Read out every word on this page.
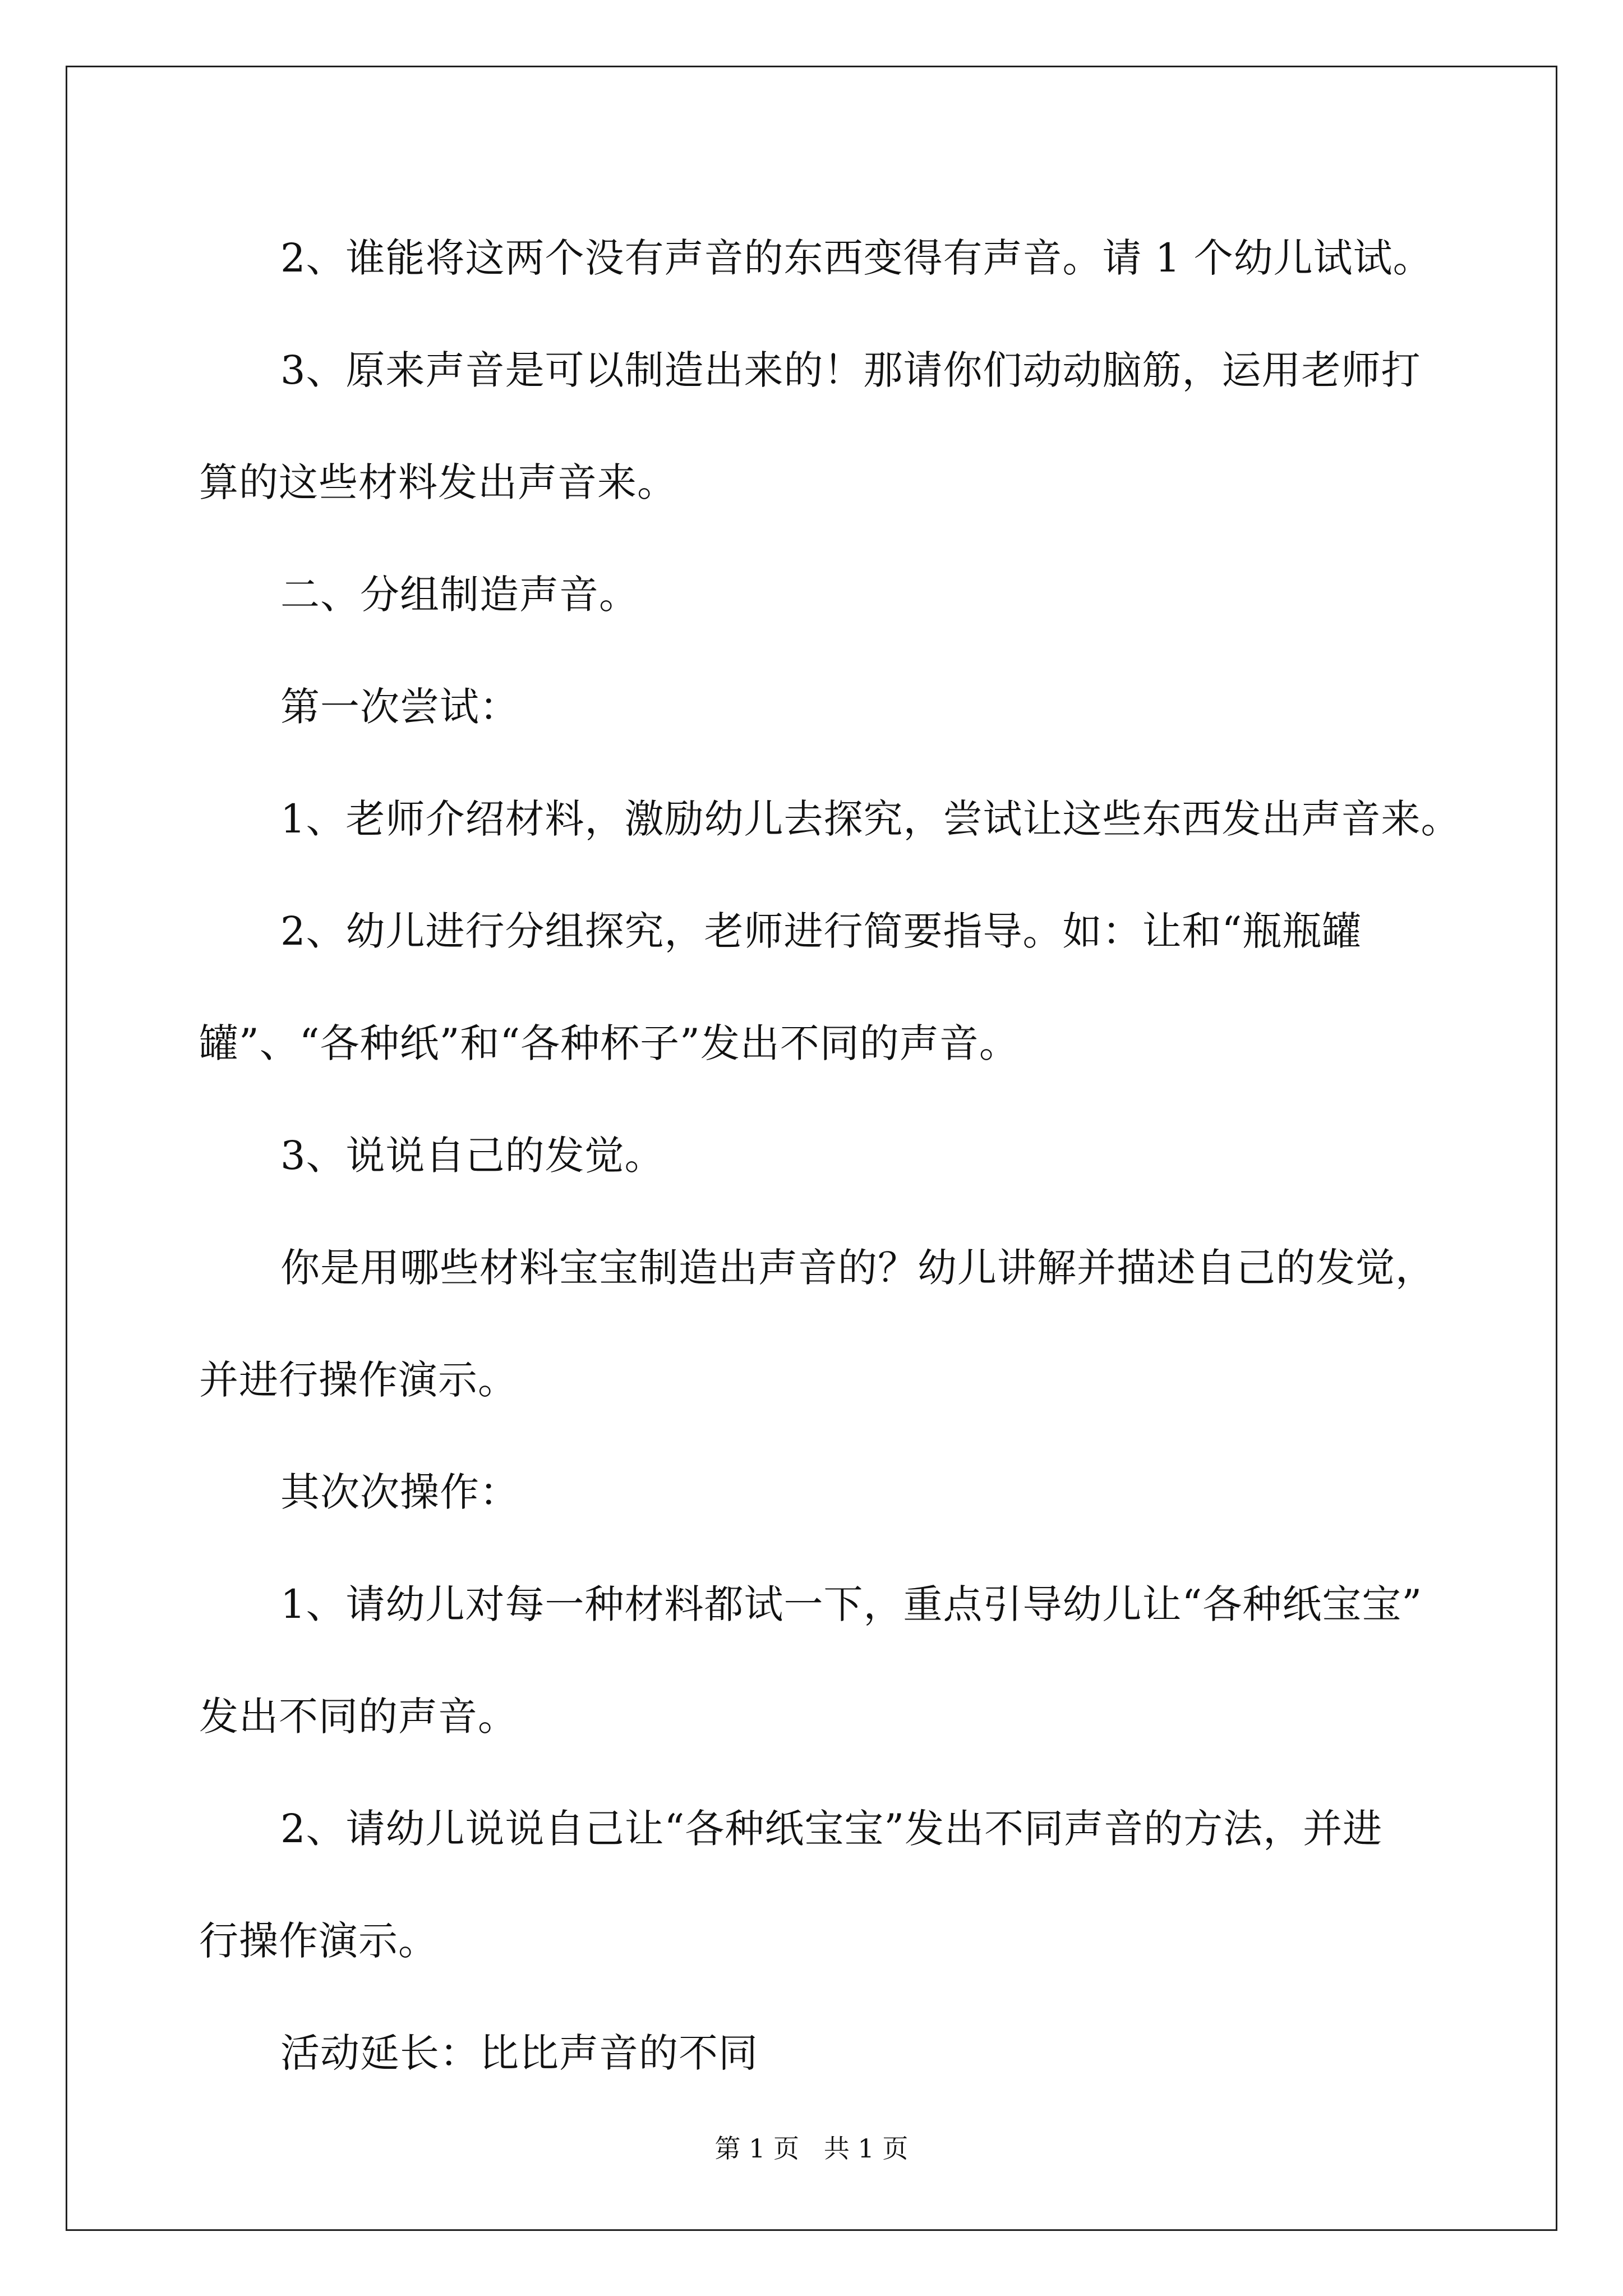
2、谁能将这两个没有声音的东西变得有声音。请 1 个幼儿试试。

3、原来声音是可以制造出来的！那请你们动动脑筋，运用老师打

算的这些材料发出声音来。

二、分组制造声音。

第一次尝试：

1、老师介绍材料，激励幼儿去探究，尝试让这些东西发出声音来。

2、幼儿进行分组探究，老师进行简要指导。如：让和“瓶瓶罐

罐”、“各种纸”和“各种杯子”发出不同的声音。

3、说说自己的发觉。

你是用哪些材料宝宝制造出声音的？幼儿讲解并描述自己的发觉，

并进行操作演示。

其次次操作：

1、请幼儿对每一种材料都试一下，重点引导幼儿让“各种纸宝宝”

发出不同的声音。

2、请幼儿说说自己让“各种纸宝宝”发出不同声音的方法，并进

行操作演示。

活动延长：比比声音的不同

第 1 页   共 1 页
